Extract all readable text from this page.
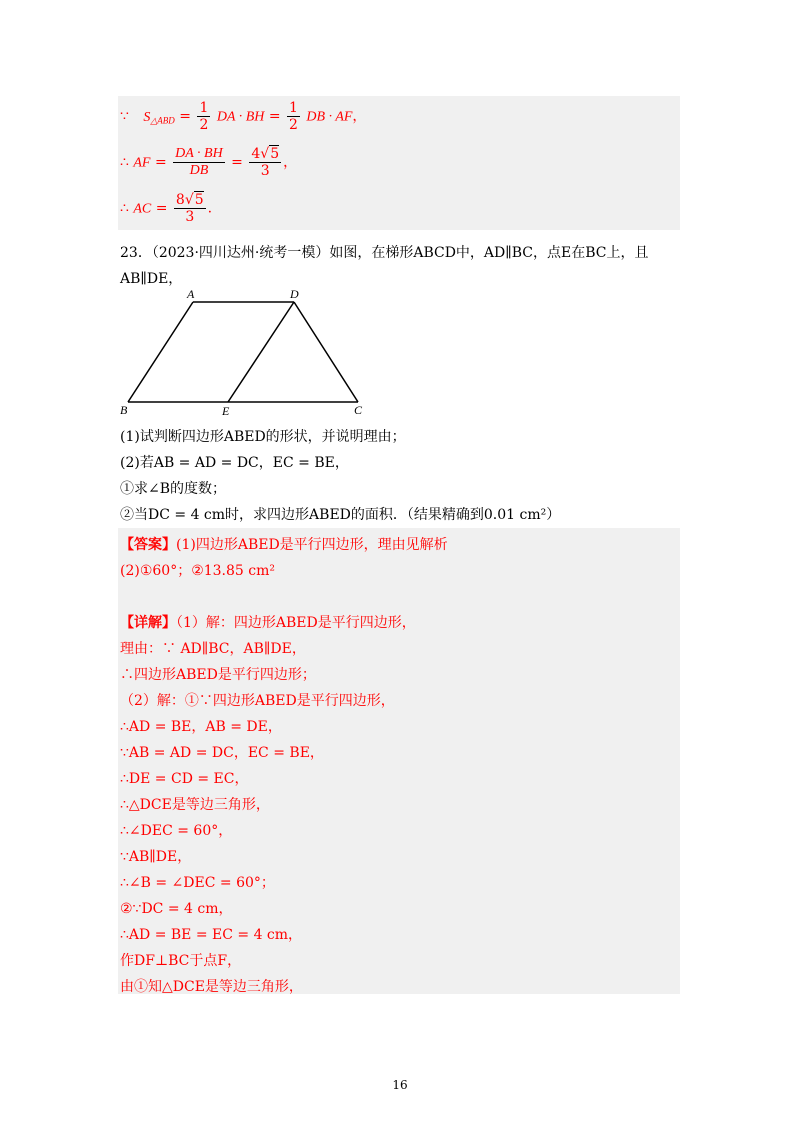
∵ $S_{\triangle ABD} = \frac{1}{2}$ DA · BH = $\frac{1}{2}$ DB · AF，
∴ AF = $\frac{DA \cdot BH}{DB} = \frac{4√5}{3}$ ，
∴ AC = $\frac{8√5}{3}$ .
23．（2023·四川达州·统考一模）如图，在梯形ABCD中，AD∥BC，点E在BC上，且
AB∥DE，
A	D
B	E	C
(1)试判断四边形ABED的形状，并说明理由；
(2)若AB = AD = DC，EC = BE，
①求∠B的度数；
②当DC = 4 cm时，求四边形ABED的面积．（结果精确到0.01 cm²）
【答案】(1)四边形ABED是平行四边形，理由见解析
(2)①60°；②13.85 cm²
【详解】（1）解：四边形ABED是平行四边形，
理由：∵ AD∥BC，AB∥DE，
∴四边形ABED是平行四边形；
（2）解：①∵四边形ABED是平行四边形，
∴AD = BE，AB = DE，
∵AB = AD = DC，EC = BE，
∴DE = CD = EC，
∴△DCE是等边三角形，
∴∠DEC = 60°，
∵AB∥DE，
∴∠B = ∠DEC = 60°；
②∵DC = 4 cm，
∴AD = BE = EC = 4 cm，
作DF⊥BC于点F，
由①知△DCE是等边三角形，
16
